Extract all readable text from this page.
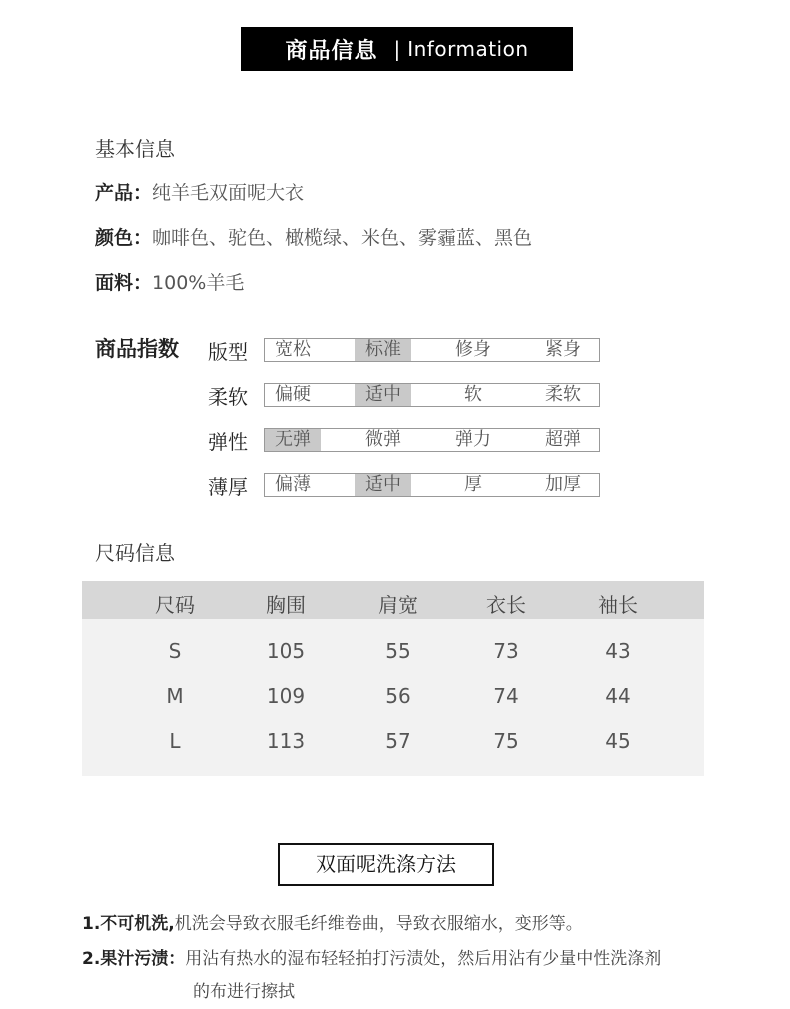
商品信息 | Information
基本信息
产品：纯羊毛双面呢大衣
颜色：咖啡色、驼色、橄榄绿、米色、雾霾蓝、黑色
面料：100%羊毛
商品指数 版型	宽松	标准	修身	紧身
柔软	偏硬	适中	软	柔软
弹性	无弹	微弹	弹力	超弹
薄厚	偏薄	适中	厚	加厚
尺码信息
尺码	胸围	肩宽	衣长	袖长
S	105	55	73	43
M	109	56	74	44
L	113	57	75	45
双面呢洗涤方法
1.不可机洗,机洗会导致衣服毛纤维卷曲，导致衣服缩水，变形等。
2.果汁污渍：用沾有热水的湿布轻轻拍打污渍处，然后用沾有少量中性洗涤剂
的布进行擦拭
